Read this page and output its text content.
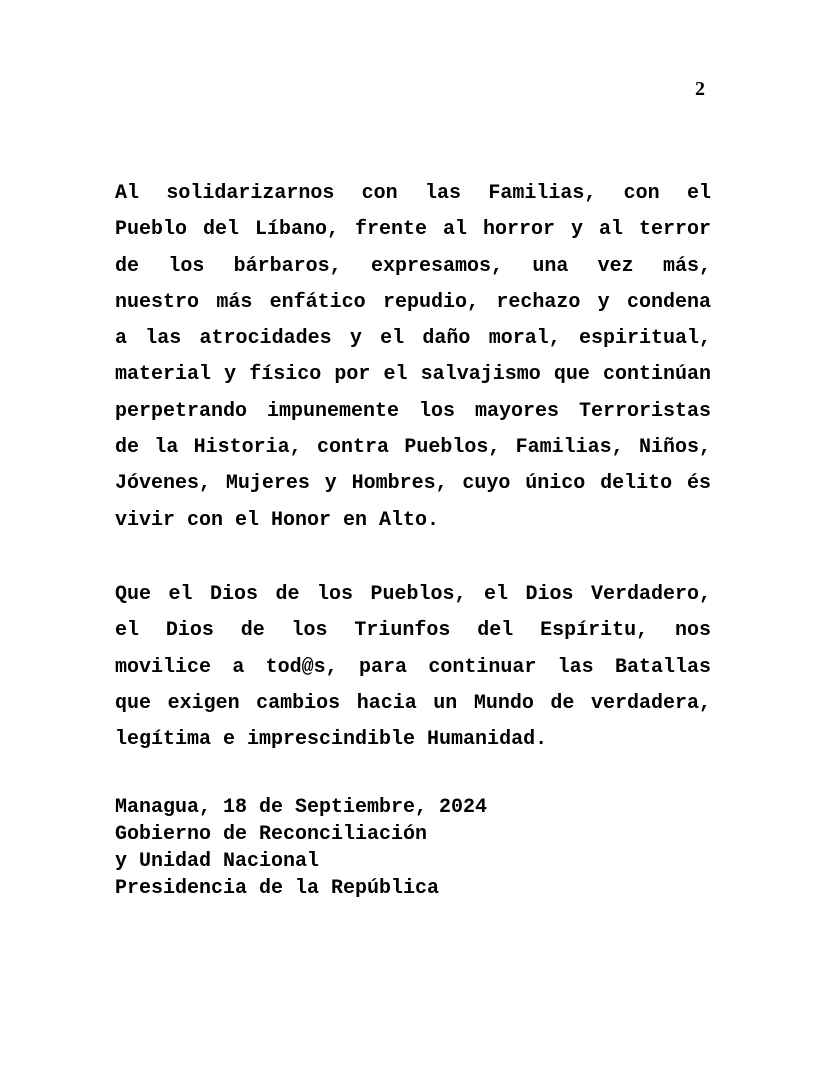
2

Al solidarizarnos con las Familias, con el
Pueblo del Líbano, frente al horror y al terror
de los bárbaros, expresamos, una vez más,
nuestro más enfático repudio, rechazo y condena
a las atrocidades y el daño moral, espiritual,
material y físico por el salvajismo que continúan
perpetrando impunemente los mayores Terroristas
de la Historia, contra Pueblos, Familias, Niños,
Jóvenes, Mujeres y Hombres, cuyo único delito és
vivir con el Honor en Alto.

Que el Dios de los Pueblos, el Dios Verdadero,
el Dios de los Triunfos del Espíritu, nos
movilice a tod@s, para continuar las Batallas
que exigen cambios hacia un Mundo de verdadera,
legítima e imprescindible Humanidad.

Managua, 18 de Septiembre, 2024
Gobierno de Reconciliación
y Unidad Nacional
Presidencia de la República
